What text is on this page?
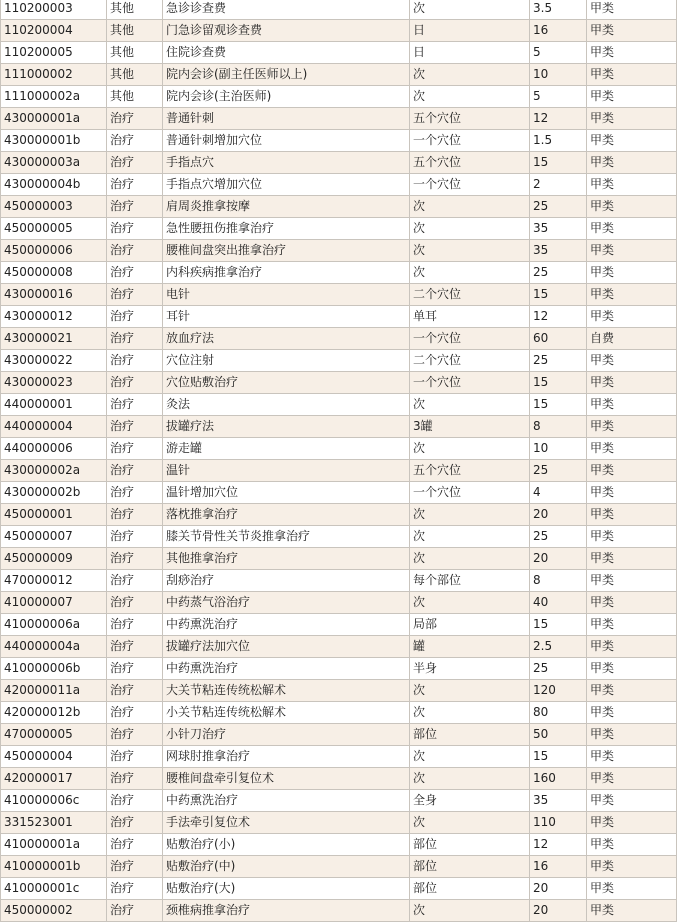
110200003	其他	急诊诊查费	次	3.5	甲类
110200004	其他	门急诊留观诊查费	日	16	甲类
110200005	其他	住院诊查费	日	5	甲类
111000002	其他	院内会诊(副主任医师以上)	次	10	甲类
111000002a	其他	院内会诊(主治医师)	次	5	甲类
430000001a	治疗	普通针刺	五个穴位	12	甲类
430000001b	治疗	普通针刺增加穴位	一个穴位	1.5	甲类
430000003a	治疗	手指点穴	五个穴位	15	甲类
430000004b	治疗	手指点穴增加穴位	一个穴位	2	甲类
450000003	治疗	肩周炎推拿按摩	次	25	甲类
450000005	治疗	急性腰扭伤推拿治疗	次	35	甲类
450000006	治疗	腰椎间盘突出推拿治疗	次	35	甲类
450000008	治疗	内科疾病推拿治疗	次	25	甲类
430000016	治疗	电针	二个穴位	15	甲类
430000012	治疗	耳针	单耳	12	甲类
430000021	治疗	放血疗法	一个穴位	60	自费
430000022	治疗	穴位注射	二个穴位	25	甲类
430000023	治疗	穴位贴敷治疗	一个穴位	15	甲类
440000001	治疗	灸法	次	15	甲类
440000004	治疗	拔罐疗法	3罐	8	甲类
440000006	治疗	游走罐	次	10	甲类
430000002a	治疗	温针	五个穴位	25	甲类
430000002b	治疗	温针增加穴位	一个穴位	4	甲类
450000001	治疗	落枕推拿治疗	次	20	甲类
450000007	治疗	膝关节骨性关节炎推拿治疗	次	25	甲类
450000009	治疗	其他推拿治疗	次	20	甲类
470000012	治疗	刮痧治疗	每个部位	8	甲类
410000007	治疗	中药蒸气浴治疗	次	40	甲类
410000006a	治疗	中药熏洗治疗	局部	15	甲类
440000004a	治疗	拔罐疗法加穴位	罐	2.5	甲类
410000006b	治疗	中药熏洗治疗	半身	25	甲类
420000011a	治疗	大关节粘连传统松解术	次	120	甲类
420000012b	治疗	小关节粘连传统松解术	次	80	甲类
470000005	治疗	小针刀治疗	部位	50	甲类
450000004	治疗	网球肘推拿治疗	次	15	甲类
420000017	治疗	腰椎间盘牵引复位术	次	160	甲类
410000006c	治疗	中药熏洗治疗	全身	35	甲类
331523001	治疗	手法牵引复位术	次	110	甲类
410000001a	治疗	贴敷治疗(小)	部位	12	甲类
410000001b	治疗	贴敷治疗(中)	部位	16	甲类
410000001c	治疗	贴敷治疗(大)	部位	20	甲类
450000002	治疗	颈椎病推拿治疗	次	20	甲类
